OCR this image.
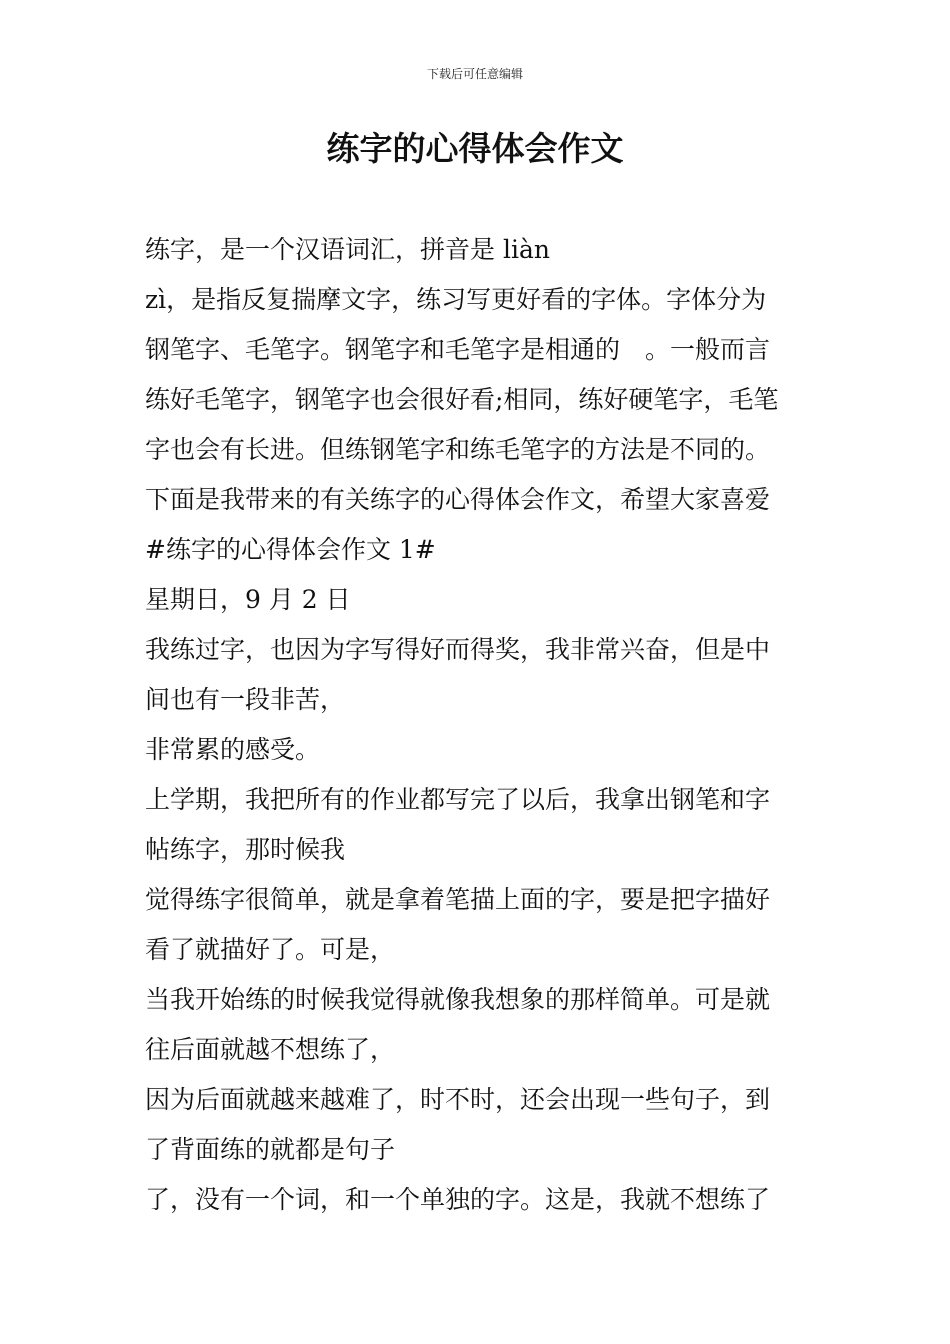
下载后可任意编辑
练字的心得体会作文
练字，是一个汉语词汇，拼音是 liàn
zì，是指反复揣摩文字，练习写更好看的字体。字体分为
钢笔字、毛笔字。钢笔字和毛笔字是相通的　。一般而言
练好毛笔字，钢笔字也会很好看;相同，练好硬笔字，毛笔
字也会有长进。但练钢笔字和练毛笔字的方法是不同的。
下面是我带来的有关练字的心得体会作文，希望大家喜爱
#练字的心得体会作文 1#
星期日，9 月 2 日
我练过字，也因为字写得好而得奖，我非常兴奋，但是中
间也有一段非苦，
非常累的感受。
上学期，我把所有的作业都写完了以后，我拿出钢笔和字
帖练字，那时候我
觉得练字很简单，就是拿着笔描上面的字，要是把字描好
看了就描好了。可是，
当我开始练的时候我觉得就像我想象的那样简单。可是就
往后面就越不想练了，
因为后面就越来越难了，时不时，还会出现一些句子，到
了背面练的就都是句子
了，没有一个词，和一个单独的字。这是，我就不想练了
